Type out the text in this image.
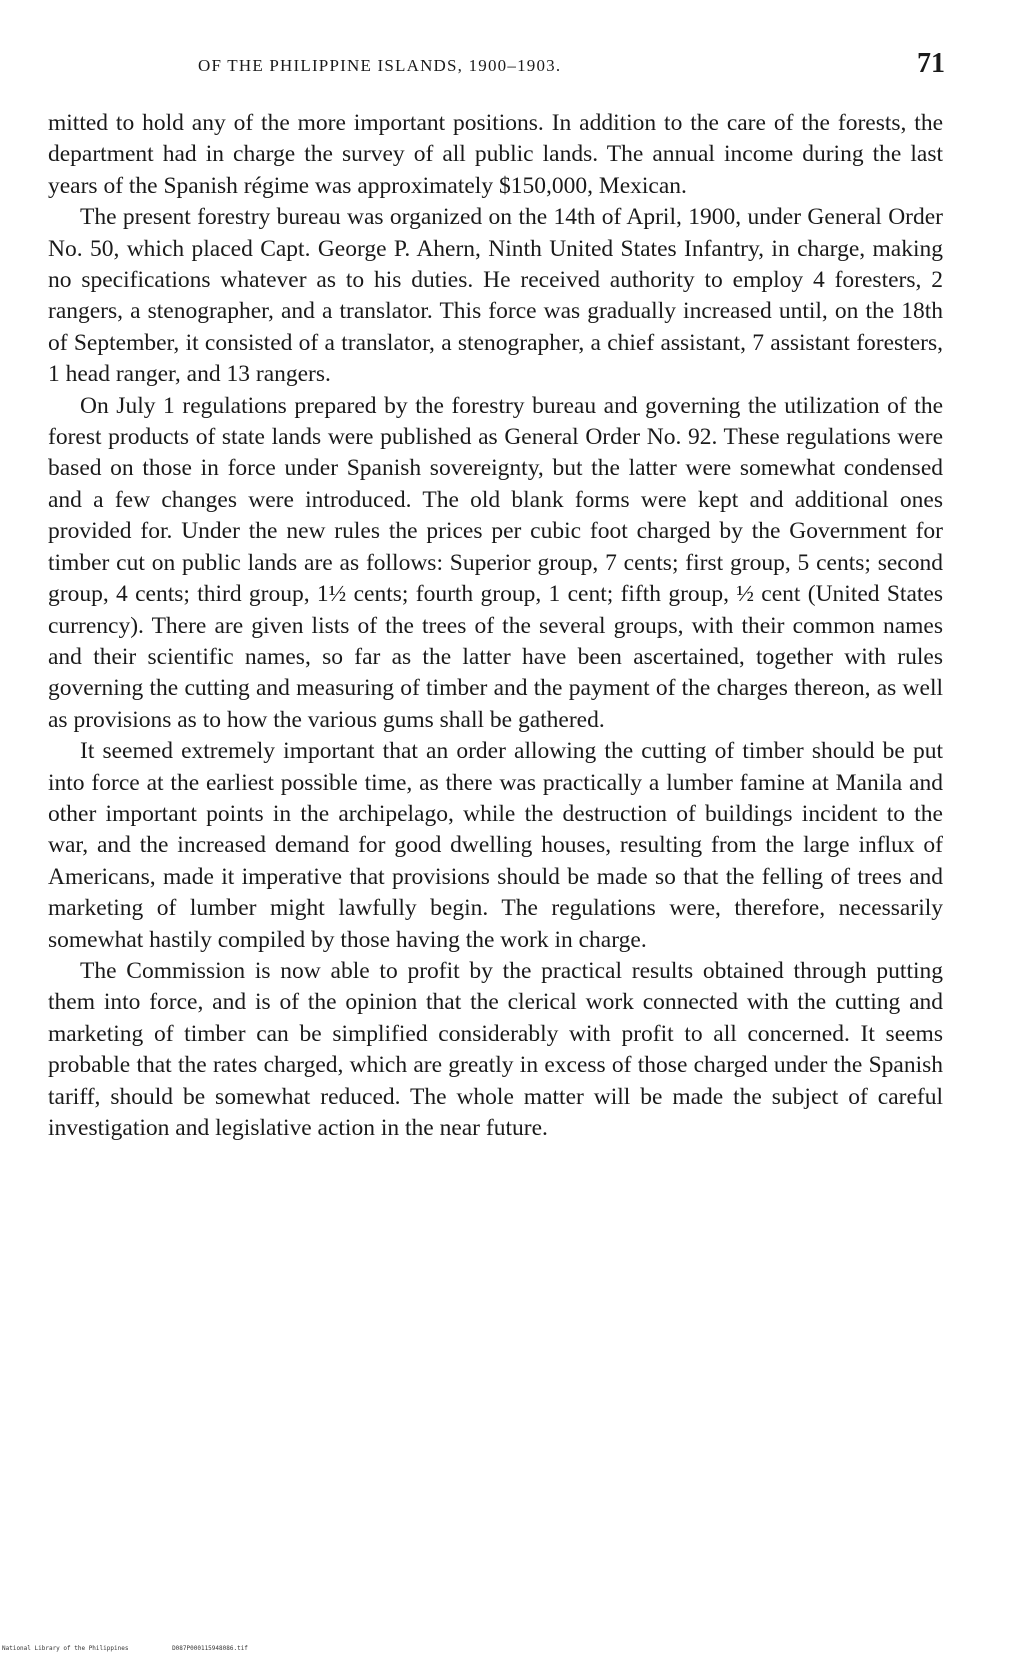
OF THE PHILIPPINE ISLANDS, 1900–1903.	71

mitted to hold any of the more important positions. In addition to the care of the forests, the department had in charge the survey of all public lands. The annual income during the last years of the Spanish régime was approximately $150,000, Mexican.

The present forestry bureau was organized on the 14th of April, 1900, under General Order No. 50, which placed Capt. George P. Ahern, Ninth United States Infantry, in charge, making no specifications whatever as to his duties. He received authority to employ 4 foresters, 2 rangers, a stenographer, and a translator. This force was gradually increased until, on the 18th of September, it consisted of a translator, a stenographer, a chief assistant, 7 assistant foresters, 1 head ranger, and 13 rangers.

On July 1 regulations prepared by the forestry bureau and governing the utilization of the forest products of state lands were published as General Order No. 92. These regulations were based on those in force under Spanish sovereignty, but the latter were somewhat condensed and a few changes were introduced. The old blank forms were kept and additional ones provided for. Under the new rules the prices per cubic foot charged by the Government for timber cut on public lands are as follows: Superior group, 7 cents; first group, 5 cents; second group, 4 cents; third group, 1½ cents; fourth group, 1 cent; fifth group, ½ cent (United States currency). There are given lists of the trees of the several groups, with their common names and their scientific names, so far as the latter have been ascertained, together with rules governing the cutting and measuring of timber and the payment of the charges thereon, as well as provisions as to how the various gums shall be gathered.

It seemed extremely important that an order allowing the cutting of timber should be put into force at the earliest possible time, as there was practically a lumber famine at Manila and other important points in the archipelago, while the destruction of buildings incident to the war, and the increased demand for good dwelling houses, resulting from the large influx of Americans, made it imperative that provisions should be made so that the felling of trees and marketing of lumber might lawfully begin. The regulations were, therefore, necessarily somewhat hastily compiled by those having the work in charge.

The Commission is now able to profit by the practical results obtained through putting them into force, and is of the opinion that the clerical work connected with the cutting and marketing of timber can be simplified considerably with profit to all concerned. It seems probable that the rates charged, which are greatly in excess of those charged under the Spanish tariff, should be somewhat reduced. The whole matter will be made the subject of careful investigation and legislative action in the near future.

National Library of the Philippines	D087P000115948086.tif
